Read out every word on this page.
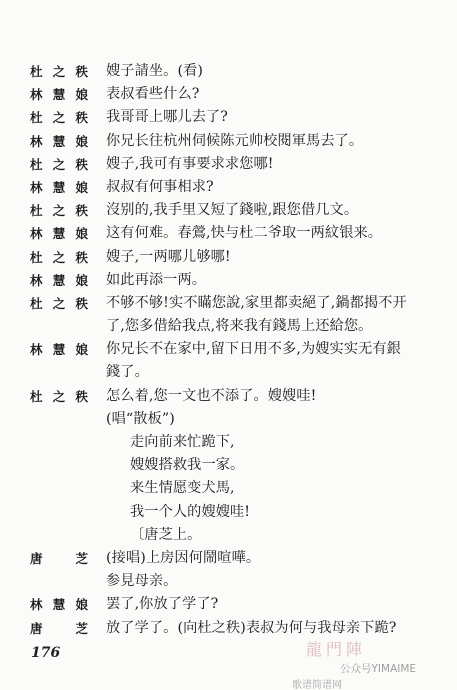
杜之秩 嫂子請坐。(看)
林慧娘 表叔看些什么?
杜之秩 我哥哥上哪儿去了?
林慧娘 你兄长往杭州伺候陈元帅校閱軍馬去了。
杜之秩 嫂子,我可有事要求求您哪!
林慧娘 叔叔有何事相求?
杜之秩 沒别的,我手里又短了錢啦,跟您借几文。
林慧娘 这有何难。春鶯,快与杜二爷取一两紋银来。
杜之秩 嫂子,一两哪儿够哪!
林慧娘 如此再添一两。
杜之秩 不够不够!实不瞞您說,家里都卖絕了,鍋都揭不开
了,您多借給我点,将来我有錢馬上还給您。
林慧娘 你兄长不在家中,留下日用不多,为嫂实实无有銀
錢了。
杜之秩 怎么着,您一文也不添了。嫂嫂哇!
(唱“散板”)
走向前来忙跪下,
嫂嫂搭救我一家。
来生情愿变犬馬,
我一个人的嫂嫂哇!
〔唐芝上。
唐 芝 (接唱)上房因何鬧喧嘩。
参見母亲。
林慧娘 罢了,你放了学了?
唐 芝 放了学了。(向杜之秩)表叔为何与我母亲下跪?
176	龍門陣
公众号YIMAIME
歌谱简谱网
